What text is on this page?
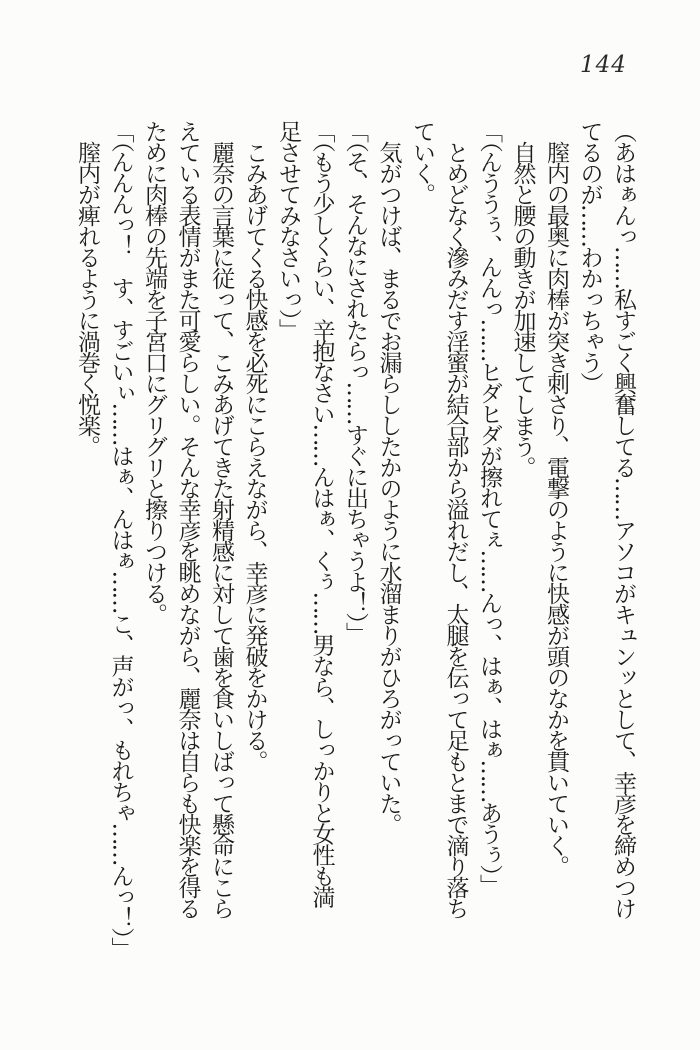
144
（あはぁんっ……私すごく興奮してる……アソコがキュンッとして、幸彦を締めつけ
てるのが……わかっちゃう）
膣内の最奥に肉棒が突き刺さり、電撃のように快感が頭のなかを貫いていく。
自然と腰の動きが加速してしまう。
「（んううぅ、んんっ……ヒダヒダが擦れてぇ……んっ、はぁ、はぁ……あうぅ）」
とめどなく滲みだす淫蜜が結合部から溢れだし、太腿を伝って足もとまで滴り落ち
ていく。
気がつけば、まるでお漏らししたかのように水溜まりがひろがっていた。
「（そ、そんなにされたらっ……すぐに出ちゃうよ！）」
「（もう少しくらい、辛抱なさい……んはぁ、くぅ……男なら、しっかりと女性も満
足させてみなさいっ）」
こみあげてくる快感を必死にこらえながら、幸彦に発破をかける。
麗奈の言葉に従って、こみあげてきた射精感に対して歯を食いしばって懸命にこら
えている表情がまた可愛らしい。そんな幸彦を眺めながら、麗奈は自らも快楽を得る
ために肉棒の先端を子宮口にグリグリと擦りつける。
「（んんんっ！　す、すごいぃ……はぁ、んはぁ……こ、声がっ、もれちゃ……んっ！）」
膣内が痺れるように渦巻く悦楽。
